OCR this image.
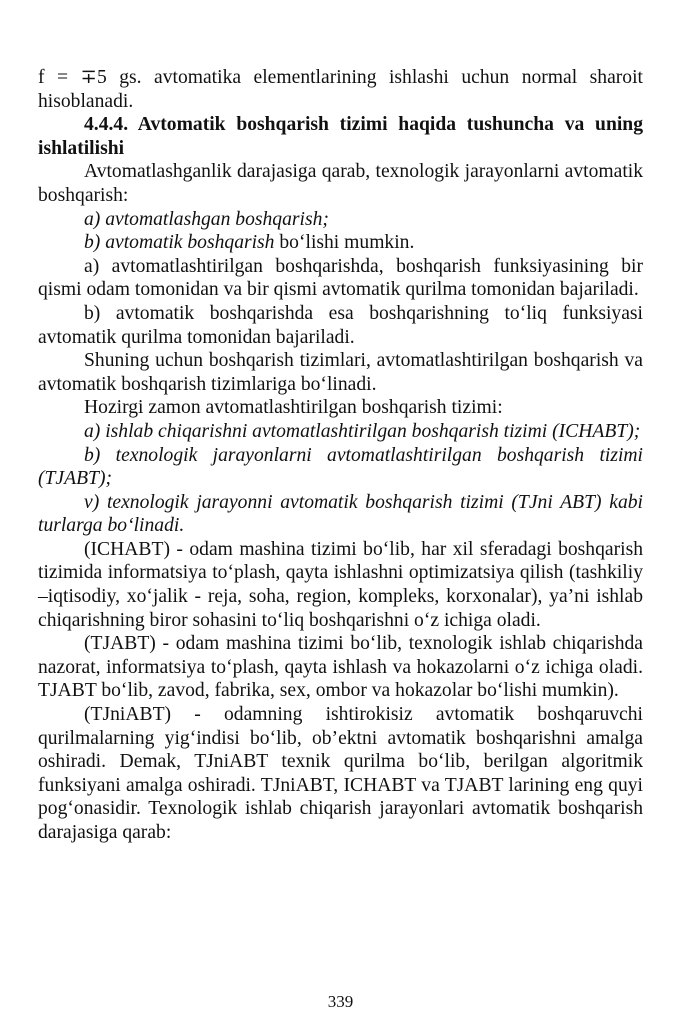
f = ∓5 gs. avtomatika elementlarining ishlashi uchun normal sharoit hisoblanadi.

4.4.4. Avtomatik boshqarish tizimi haqida tushuncha va uning ishlatilishi

Avtomatlashganlik darajasiga qarab, texnologik jarayonlarni avtomatik boshqarish:

a) avtomatlashgan boshqarish;

b) avtomatik boshqarish bo‘lishi mumkin.

a) avtomatlashtirilgan boshqarishda, boshqarish funksiyasining bir qismi odam tomonidan va bir qismi avtomatik qurilma tomonidan bajariladi.

b) avtomatik boshqarishda esa boshqarishning to‘liq funksiyasi avtomatik qurilma tomonidan bajariladi.

Shuning uchun boshqarish tizimlari, avtomatlashtirilgan boshqarish va avtomatik boshqarish tizimlariga bo‘linadi.

Hozirgi zamon avtomatlashtirilgan boshqarish tizimi:

a) ishlab chiqarishni avtomatlashtirilgan boshqarish tizimi (ICHABT);

b) texnologik jarayonlarni avtomatlashtirilgan boshqarish tizimi (TJABT);

v) texnologik jarayonni avtomatik boshqarish tizimi (TJni ABT) kabi turlarga bo‘linadi.

(ICHABT) - odam mashina tizimi bo‘lib, har xil sferadagi boshqarish tizimida informatsiya to‘plash, qayta ishlashni optimizatsiya qilish (tashkiliy –iqtisodiy, xo‘jalik - reja, soha, region, kompleks, korxonalar), ya’ni ishlab chiqarishning biror sohasini to‘liq boshqarishni o‘z ichiga oladi.

(TJABT) - odam mashina tizimi bo‘lib, texnologik ishlab chiqarishda nazorat, informatsiya to‘plash, qayta ishlash va hokazolarni o‘z ichiga oladi. TJABT bo‘lib, zavod, fabrika, sex, ombor va hokazolar bo‘lishi mumkin).

(TJniABT) - odamning ishtirokisiz avtomatik boshqaruvchi qurilmalarning yig‘indisi bo‘lib, ob’ektni avtomatik boshqarishni amalga oshiradi. Demak, TJniABT texnik qurilma bo‘lib, berilgan algoritmik funksiyani amalga oshiradi. TJniABT, ICHABT va TJABT larining eng quyi pog‘onasidir. Texnologik ishlab chiqarish jarayonlari avtomatik boshqarish darajasiga qarab:

339
